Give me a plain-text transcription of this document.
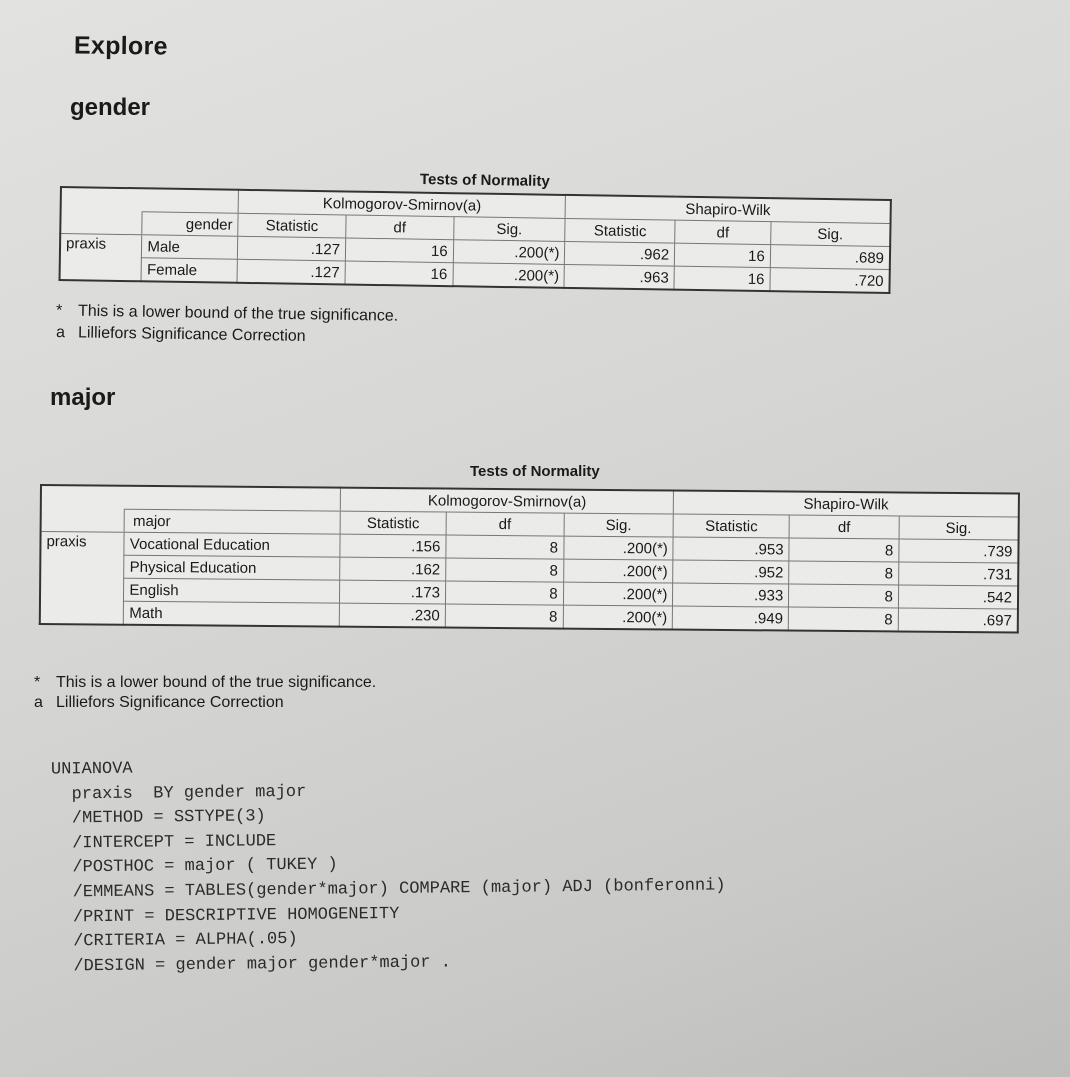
Explore
gender
Tests of Normality
		Kolmogorov-Smirnov(a)			Shapiro-Wilk		
	gender	Statistic	df	Sig.	Statistic	df	Sig.
praxis	Male	.127	16	.200(*)	.962	16	.689
	Female	.127	16	.200(*)	.963	16	.720
* This is a lower bound of the true significance.
a Lilliefors Significance Correction
major
Tests of Normality
		Kolmogorov-Smirnov(a)			Shapiro-Wilk		
	major	Statistic	df	Sig.	Statistic	df	Sig.
praxis	Vocational Education	.156	8	.200(*)	.953	8	.739
	Physical Education	.162	8	.200(*)	.952	8	.731
	English	.173	8	.200(*)	.933	8	.542
	Math	.230	8	.200(*)	.949	8	.697
* This is a lower bound of the true significance.
a Lilliefors Significance Correction
UNIANOVA
praxis  BY gender major
/METHOD = SSTYPE(3)
/INTERCEPT = INCLUDE
/POSTHOC = major ( TUKEY )
/EMMEANS = TABLES(gender*major) COMPARE (major) ADJ (bonferonni)
/PRINT = DESCRIPTIVE HOMOGENEITY
/CRITERIA = ALPHA(.05)
/DESIGN = gender major gender*major .
